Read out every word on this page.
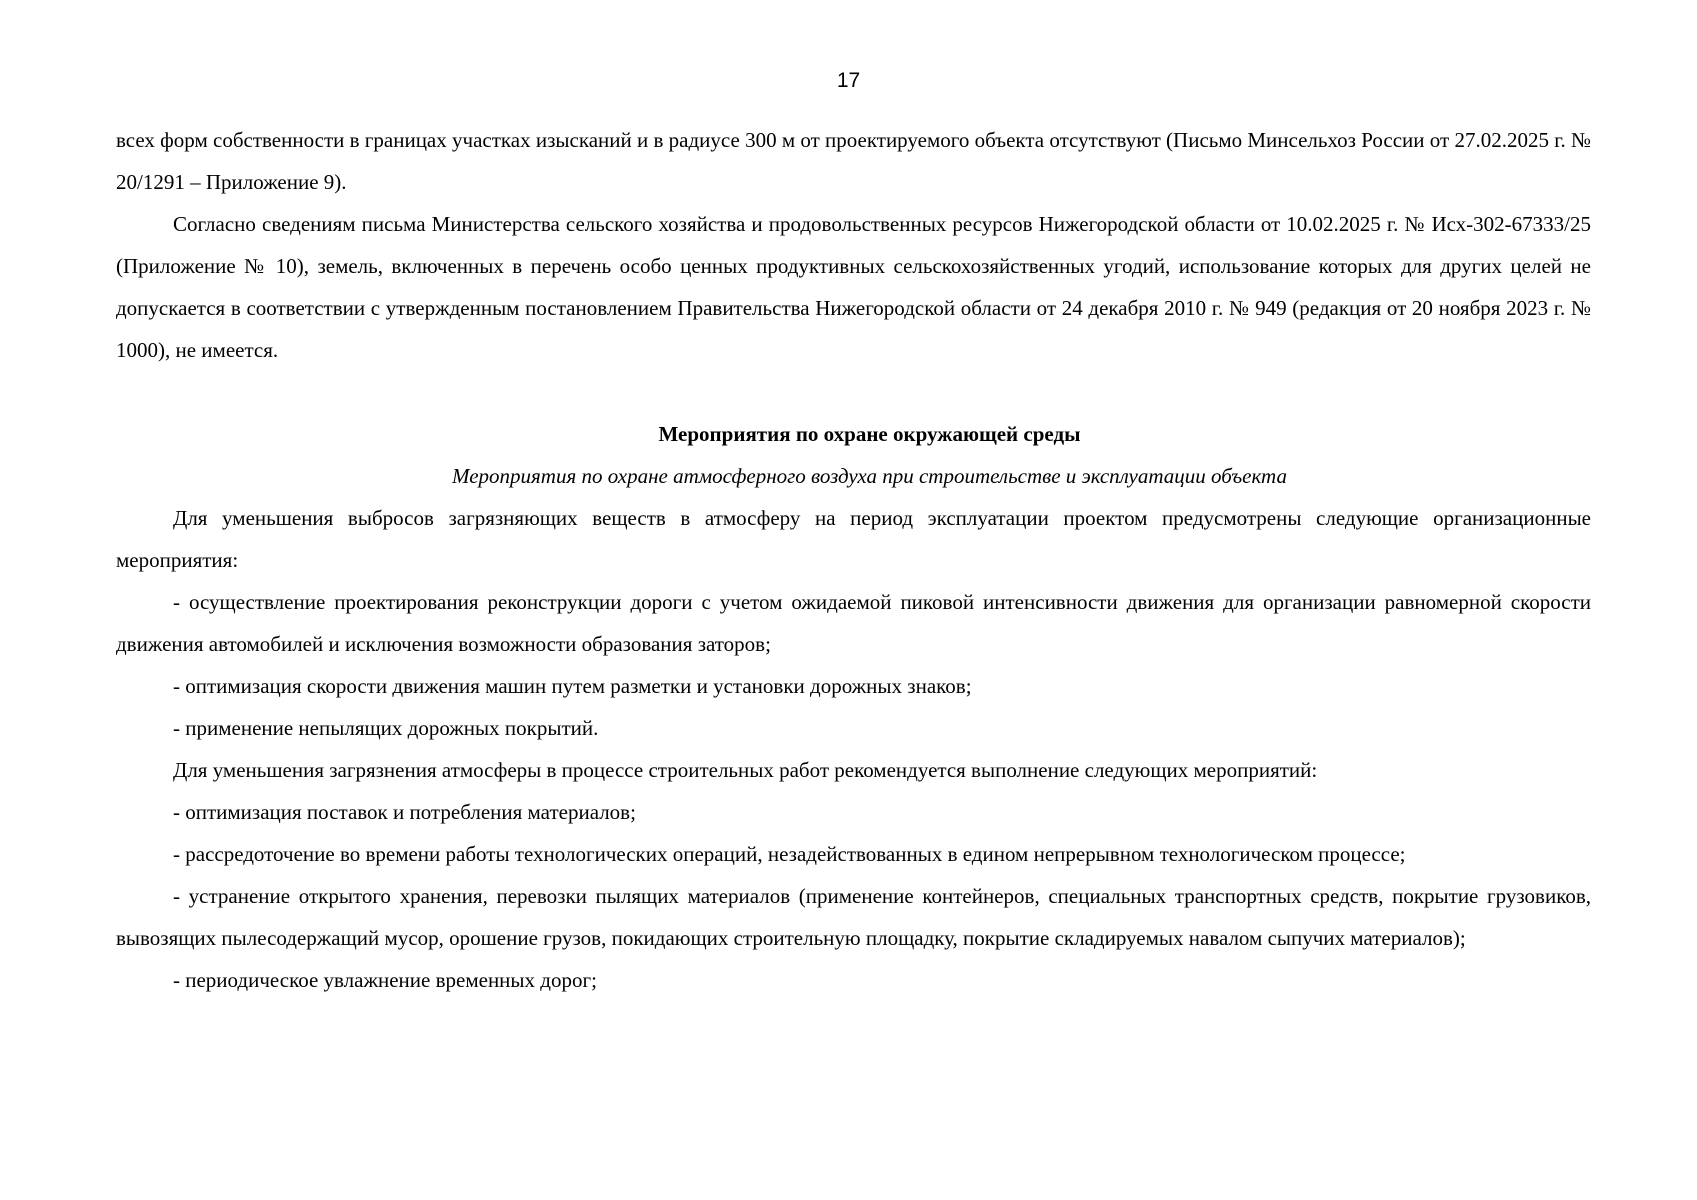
17

всех форм собственности в границах участках изысканий и в радиусе 300 м от проектируемого объекта отсутствуют (Письмо Минсельхоз России от 27.02.2025 г. № 20/1291 – Приложение 9).

Согласно сведениям письма Министерства сельского хозяйства и продовольственных ресурсов Нижегородской области от 10.02.2025 г. № Исх-302-67333/25 (Приложение № 10), земель, включенных в перечень особо ценных продуктивных сельскохозяйственных угодий, использование которых для других целей не допускается в соответствии с утвержденным постановлением Правительства Нижегородской области от 24 декабря 2010 г. № 949 (редакция от 20 ноября 2023 г. № 1000), не имеется.

Мероприятия по охране окружающей среды

Мероприятия по охране атмосферного воздуха при строительстве и эксплуатации объекта

Для уменьшения выбросов загрязняющих веществ в атмосферу на период эксплуатации проектом предусмотрены следующие организационные мероприятия:

- осуществление проектирования реконструкции дороги с учетом ожидаемой пиковой интенсивности движения для организации равномерной скорости движения автомобилей и исключения возможности образования заторов;

- оптимизация скорости движения машин путем разметки и установки дорожных знаков;

- применение непылящих дорожных покрытий.

Для уменьшения загрязнения атмосферы в процессе строительных работ рекомендуется выполнение следующих мероприятий:

- оптимизация поставок и потребления материалов;

- рассредоточение во времени работы технологических операций, незадействованных в едином непрерывном технологическом процессе;

- устранение открытого хранения, перевозки пылящих материалов (применение контейнеров, специальных транспортных средств, покрытие грузовиков, вывозящих пылесодержащий мусор, орошение грузов, покидающих строительную площадку, покрытие складируемых навалом сыпучих материалов);

- периодическое увлажнение временных дорог;
